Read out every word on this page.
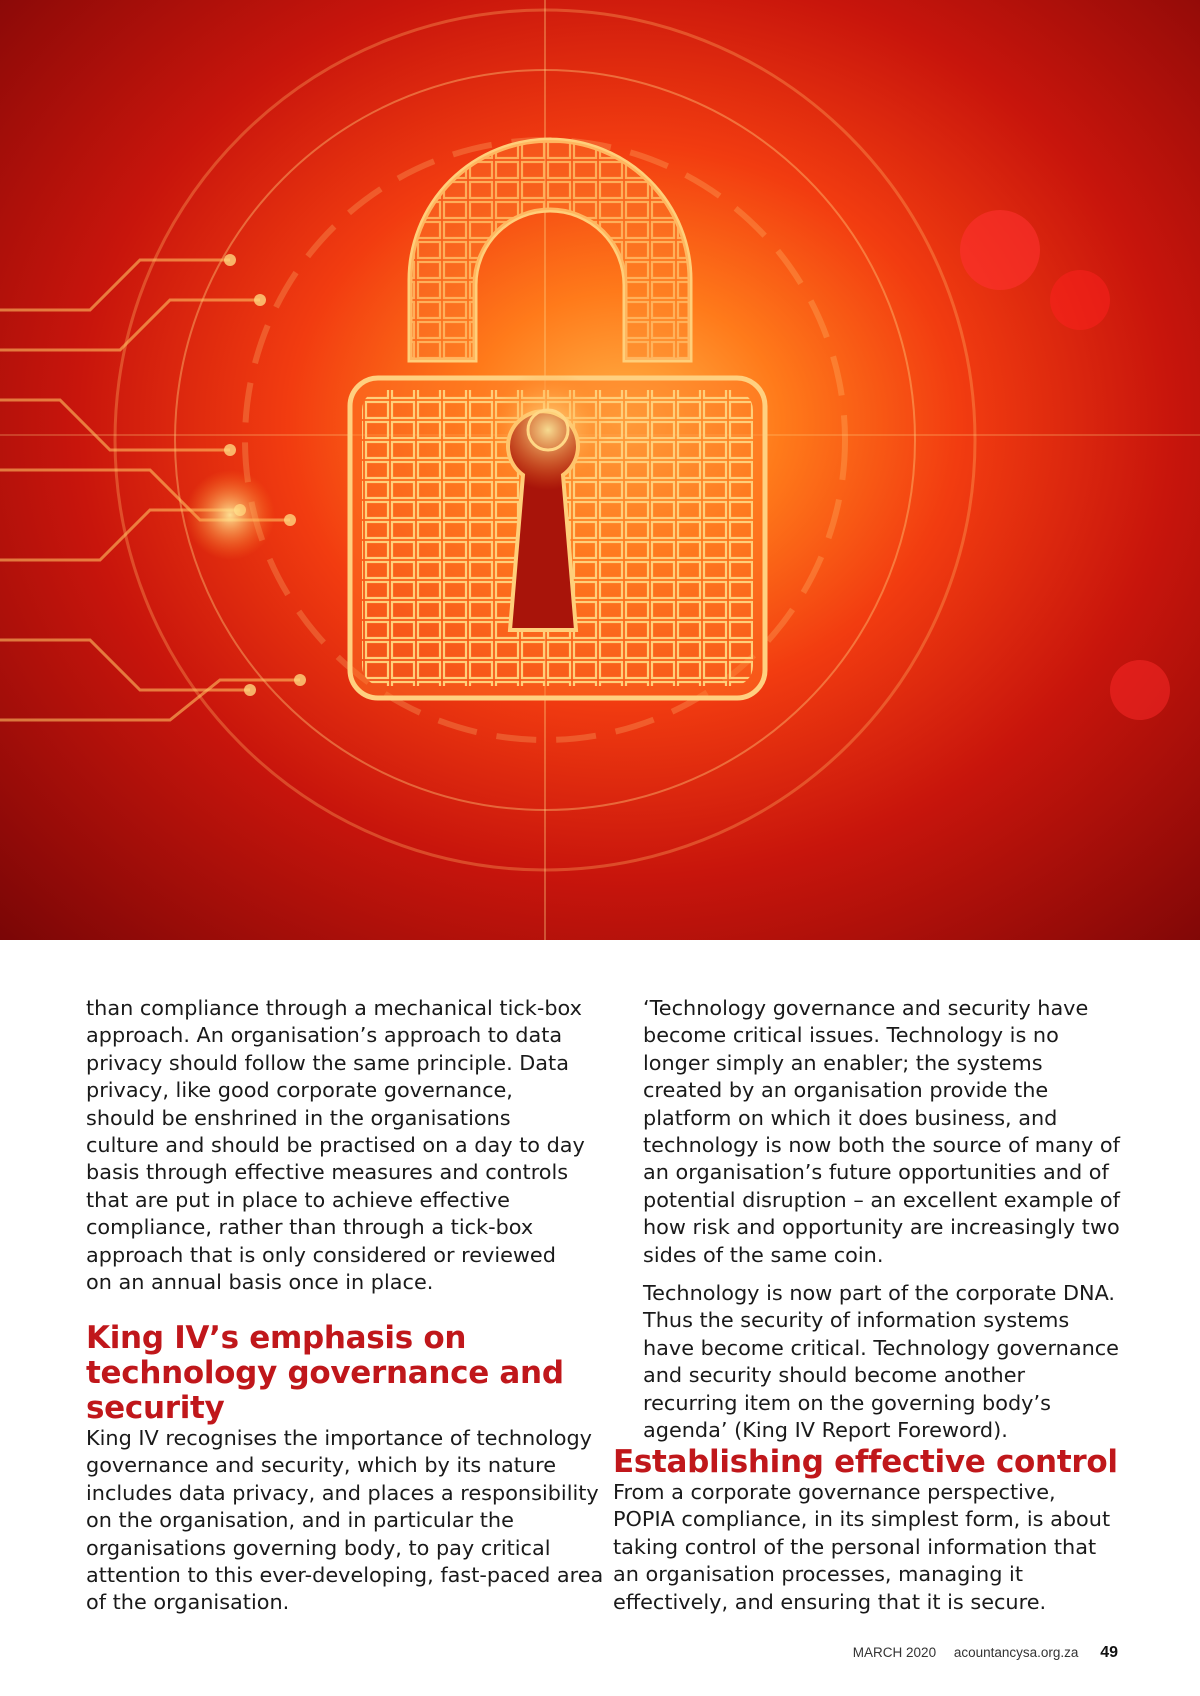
than compliance through a mechanical tick-box approach. An organisation’s approach to data privacy should follow the same principle. Data privacy, like good corporate governance, should be enshrined in the organisations culture and should be practised on a day to day basis through effective measures and controls that are put in place to achieve effective compliance, rather than through a tick-box approach that is only considered or reviewed on an annual basis once in place.

King IV’s emphasis on technology governance and security

King IV recognises the importance of technology governance and security, which by its nature includes data privacy, and places a responsibility on the organisation, and in particular the organisations governing body, to pay critical attention to this ever-developing, fast-paced area of the organisation.

‘Technology governance and security have become critical issues. Technology is no longer simply an enabler; the systems created by an organisation provide the platform on which it does business, and technology is now both the source of many of an organisation’s future opportunities and of potential disruption – an excellent example of how risk and opportunity are increasingly two sides of the same coin.

Technology is now part of the corporate DNA. Thus the security of information systems have become critical. Technology governance and security should become another recurring item on the governing body’s agenda’ (King IV Report Foreword).

Establishing effective control

From a corporate governance perspective, POPIA compliance, in its simplest form, is about taking control of the personal information that an organisation processes, managing it effectively, and ensuring that it is secure.

MARCH 2020 acountancysa.org.za 49
